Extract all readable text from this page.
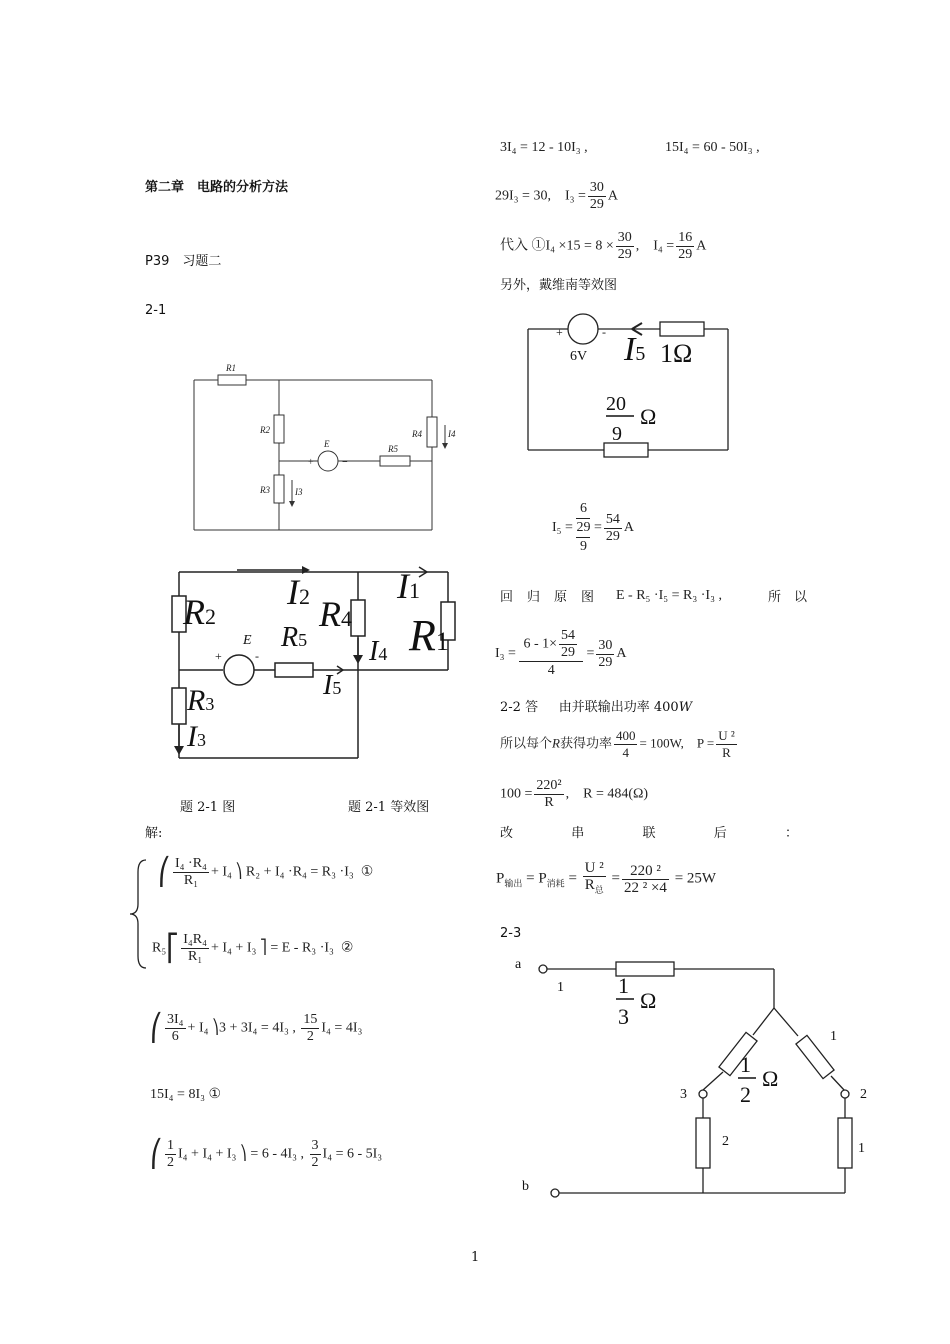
第二章　电路的分析方法
P39　习题二
2-1
R1
R2
R3
R4
R5
E
I3
I4
+	−
I2 R4
I1
R2
E R5 I4 R1
R3
I5
I3
+	-
题 2-1 图	题 2-1 等效图
解:
⎛ $\frac{\text{I₄ ·R₄}}{\text{R₁}} + I_4$ ⎞ R₂ + I₄ ·R₄ = R₃ ·I₃ ①
R₅⎡ $\frac{\text{I₄R₄}}{\text{R₁}} + I_4 + I_3$ ⎤ = E - R₃ ·I₃ ②
⎛ $\frac{\text{3I₄}}{6} + I_4$ ⎞3 + 3I₄ = 4I₃ , $\frac{15}{2} I_4 = 4I_3$
15I₄ = 8I₃ ①
⎛ $\frac{1}{2} I_4 + I_4 + I_3$ ⎞ = 6 - 4I₃ , $\frac{3}{2} I_4 = 6 - 5I_3$
3I₄ = 12 - 10I₃ ,	15I₄ = 60 - 50I₃ ,
29I₃ = 30,　$I_3 = \frac{30}{29}$ A
代入 ①I₄ $\times 15 = 8 \times \frac{30}{29}$ ,　$I_4 = \frac{16}{29}$ A
另外，戴维南等效图
+	-
6V I5 1Ω
20
9
Ω
I₅ =
6
29
9
= $\frac{54}{29}$ A
回 归 原 图 E - R₅ ·I₅ = R₃ ·I₃ ,	所　以
$I_3 = \frac{6 - 1\times \frac{54}{29}}{4} = \frac{30}{29}$ A
2-2 答 由并联输出功率 400W
所以每个R获得功率 $\frac{400}{4} = 100W$,　$P = \frac{\text{U ²}}{R}$
$100 = \frac{\text{220²}}{R}$ ,　R = 484(Ω)
改	串	联	后	：
$P_{输出} = P_{消耗} = \frac{\text{U ²}}{R_总} = \frac{\text{220 ²}}{\text{22 ² ×4}} = 25W$
2-3
a
1 1
3
Ω
1
1
2
Ω
3	2
2	1
b
1
